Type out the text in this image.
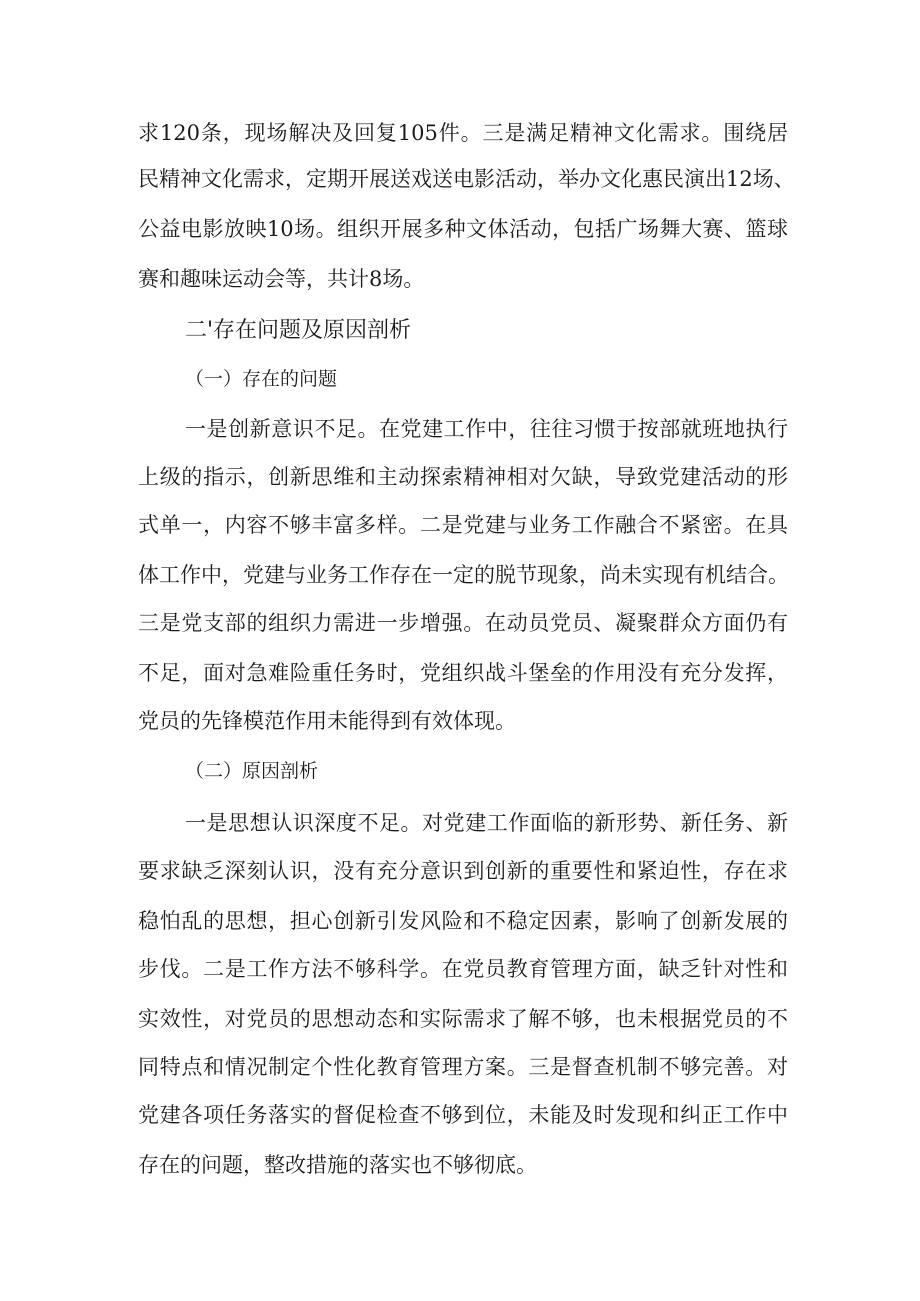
求120条，现场解决及回复105件。三是满足精神文化需求。围绕居
民精神文化需求，定期开展送戏送电影活动，举办文化惠民演出12场、
公益电影放映10场。组织开展多种文体活动，包括广场舞大赛、篮球
赛和趣味运动会等，共计8场。
二'存在问题及原因剖析
（一）存在的问题
一是创新意识不足。在党建工作中，往往习惯于按部就班地执行
上级的指示，创新思维和主动探索精神相对欠缺，导致党建活动的形
式单一，内容不够丰富多样。二是党建与业务工作融合不紧密。在具
体工作中，党建与业务工作存在一定的脱节现象，尚未实现有机结合。
三是党支部的组织力需进一步增强。在动员党员、凝聚群众方面仍有
不足，面对急难险重任务时，党组织战斗堡垒的作用没有充分发挥，
党员的先锋模范作用未能得到有效体现。
（二）原因剖析
一是思想认识深度不足。对党建工作面临的新形势、新任务、新
要求缺乏深刻认识，没有充分意识到创新的重要性和紧迫性，存在求
稳怕乱的思想，担心创新引发风险和不稳定因素，影响了创新发展的
步伐。二是工作方法不够科学。在党员教育管理方面，缺乏针对性和
实效性，对党员的思想动态和实际需求了解不够，也未根据党员的不
同特点和情况制定个性化教育管理方案。三是督查机制不够完善。对
党建各项任务落实的督促检查不够到位，未能及时发现和纠正工作中
存在的问题，整改措施的落实也不够彻底。
